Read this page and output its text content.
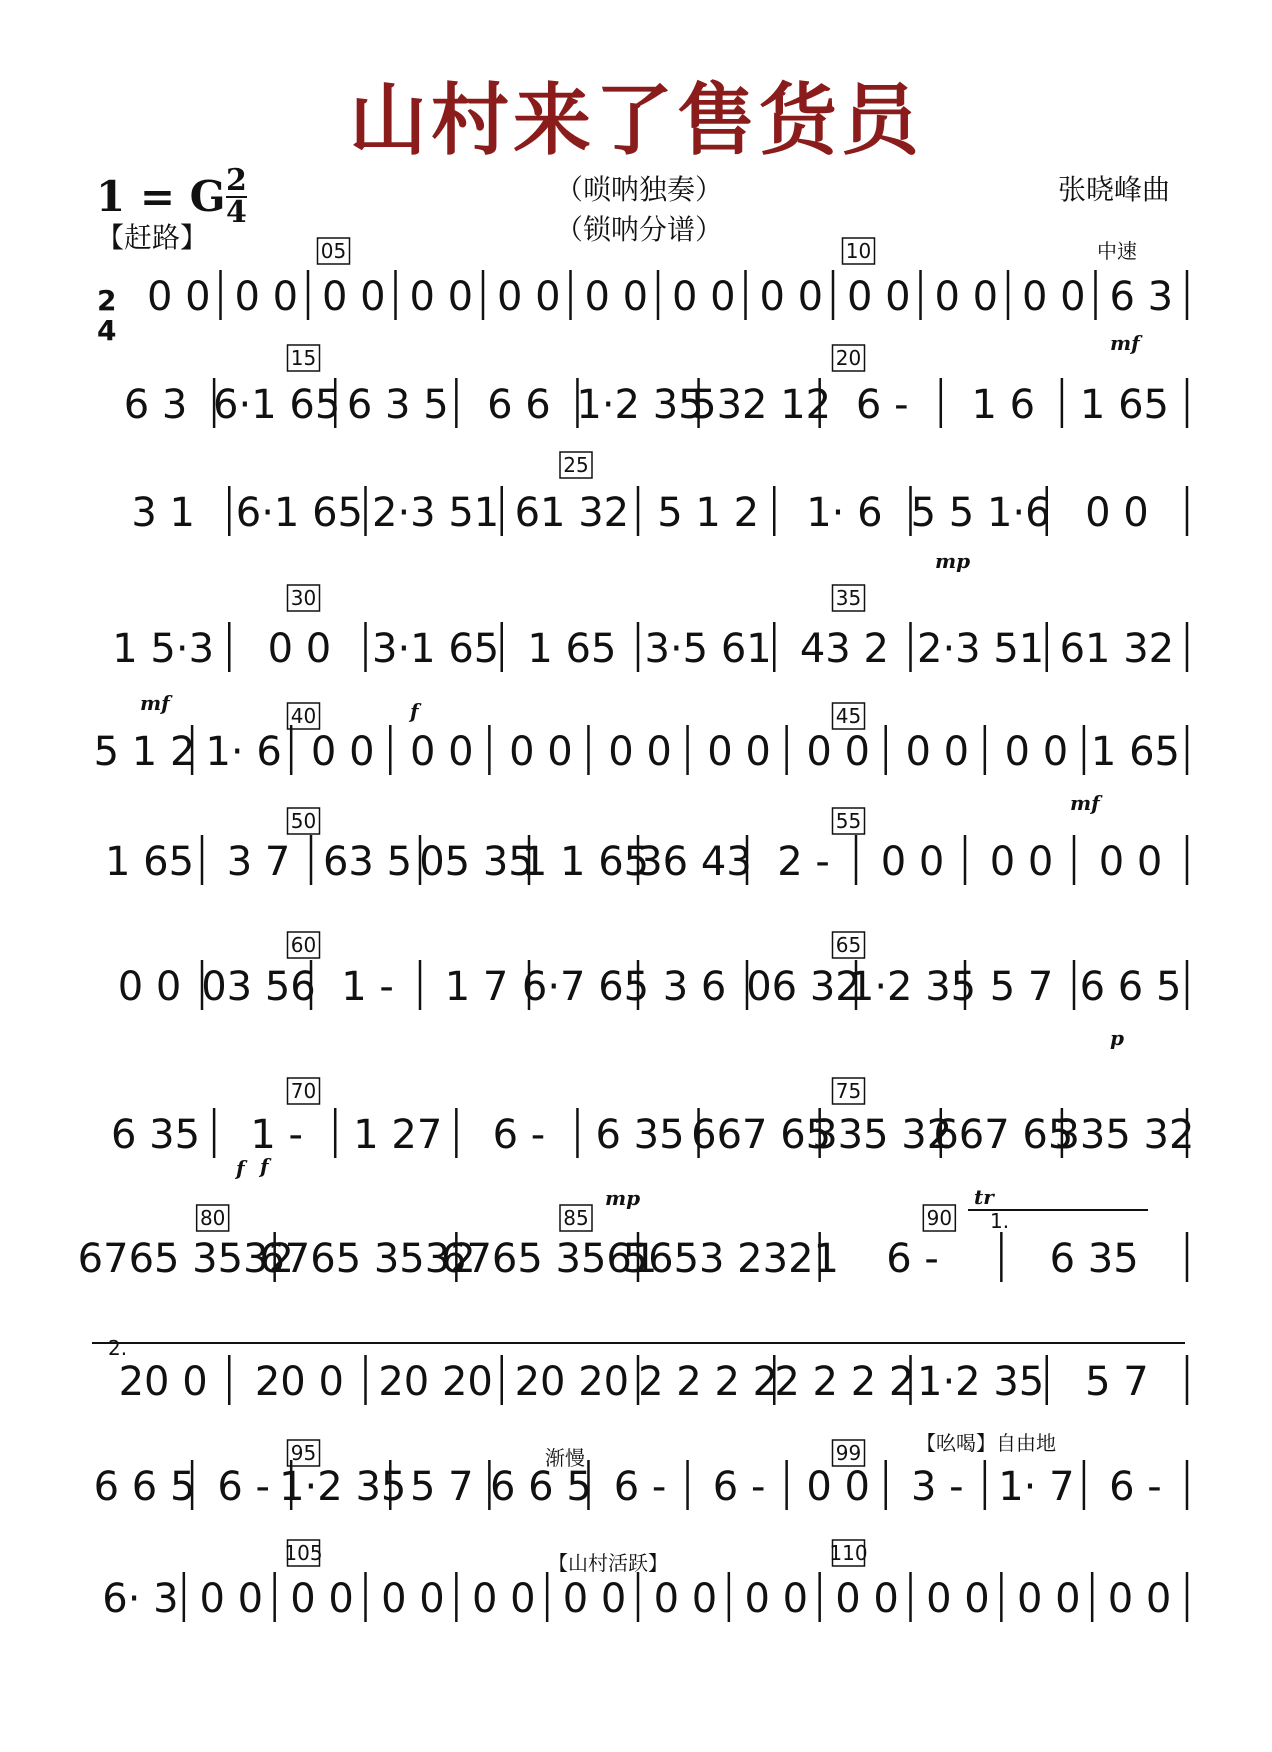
山村来了售货员
1 = G 2
4
【赶路】
（唢呐独奏）
（锁呐分谱）
张晓峰曲
中速
渐慢
【吆喝】自由地
【山村活跃】
tr
1.
2.
2
4	mf
mp
mf	f
mf
p
f
mp
f
0 0 0 0 0 0 0 0 0 0 0 0 0 0 0 0 0 0 0 0 0 0 6 3
05	10
6 3 6·1 65 6 3 5 6 6 1·2 35
532 12 6 - 1 6 1 65
15	20
3 1 6·1 65 2·3 51 61 32 5 1 2 1· 6 5 5 1·6 0 0
25
1 5·3 0 0 3·1 65 1 65 3·5 61 43 2 2·3 51 61 32
30	35
5 1 2 1· 6 0 0 0 0 0 0 0 0 0 0 0 0 0 0 0 0 1 65
40	45
1 65 3 7 63 5 05 35
1 1 65
36 43 2 - 0 0 0 0 0 0
50	55
0 0 03 56 1 - 1 7 6·7 65 3 6 06 32
1·2 35 5 7 6 6 5
60	65
6 35 1 - 1 27 6 - 6 35 667 65
335 32
667 65
335 32
70	75
6765 3532
6765 3532
6765 3561
5653 2321 6 -	6 35
80	85	90
20 0 20 0 20 20 20 20 2 2 2 2
2 2 2 2 1·2 35 5 7
6 6 5 6 - 1·2 35 5 7 6 6 5 6 - 6 - 0 0 3 - 1· 7 6 -
95	99
6· 3 0 0 0 0 0 0 0 0 0 0 0 0 0 0 0 0 0 0 0 0 0 0
105	110
